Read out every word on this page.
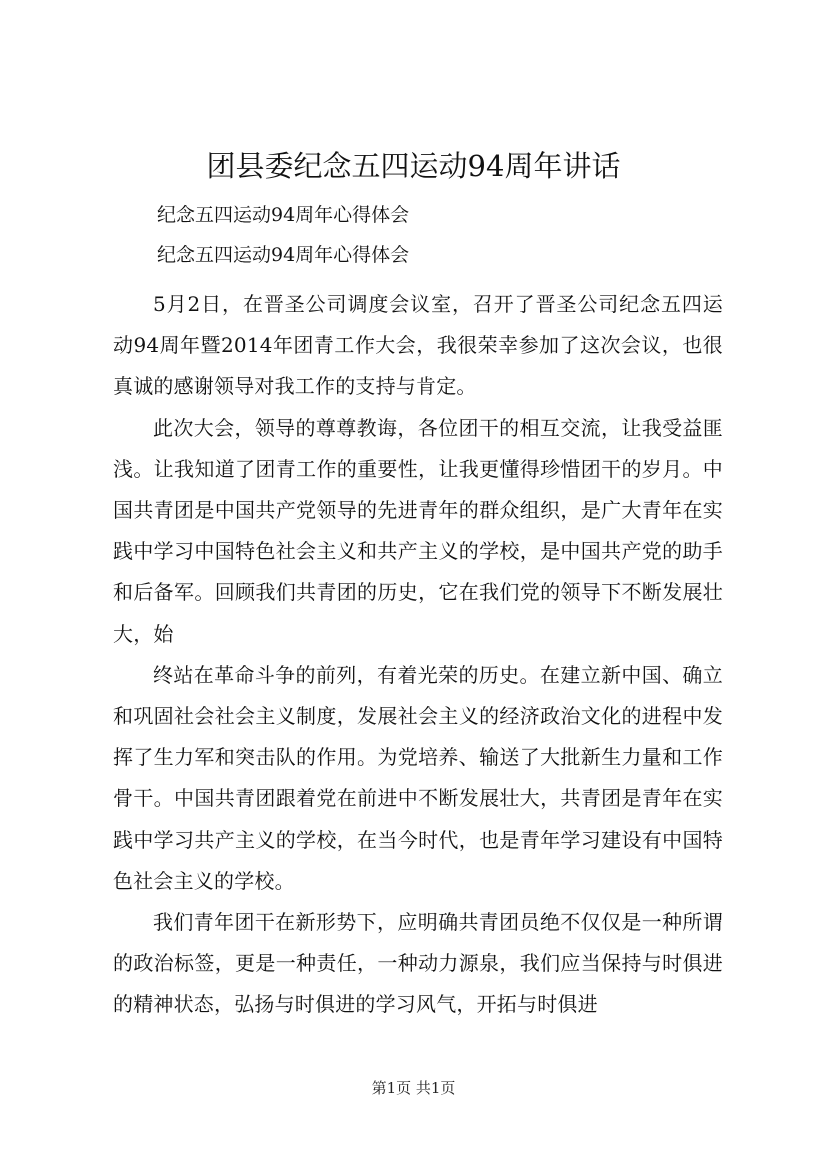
团县委纪念五四运动94周年讲话
纪念五四运动94周年心得体会
纪念五四运动94周年心得体会

5月2日，在晋圣公司调度会议室，召开了晋圣公司纪念五四运动94周年暨2014年团青工作大会，我很荣幸参加了这次会议，也很真诚的感谢领导对我工作的支持与肯定。

此次大会，领导的尊尊教诲，各位团干的相互交流，让我受益匪浅。让我知道了团青工作的重要性，让我更懂得珍惜团干的岁月。中国共青团是中国共产党领导的先进青年的群众组织，是广大青年在实践中学习中国特色社会主义和共产主义的学校，是中国共产党的助手和后备军。回顾我们共青团的历史，它在我们党的领导下不断发展壮大，始

终站在革命斗争的前列，有着光荣的历史。在建立新中国、确立和巩固社会社会主义制度，发展社会主义的经济政治文化的进程中发挥了生力军和突击队的作用。为党培养、输送了大批新生力量和工作骨干。中国共青团跟着党在前进中不断发展壮大，共青团是青年在实践中学习共产主义的学校，在当今时代，也是青年学习建设有中国特色社会主义的学校。

我们青年团干在新形势下，应明确共青团员绝不仅仅是一种所谓的政治标签，更是一种责任，一种动力源泉，我们应当保持与时俱进的精神状态，弘扬与时俱进的学习风气，开拓与时俱进

第1页 共1页
